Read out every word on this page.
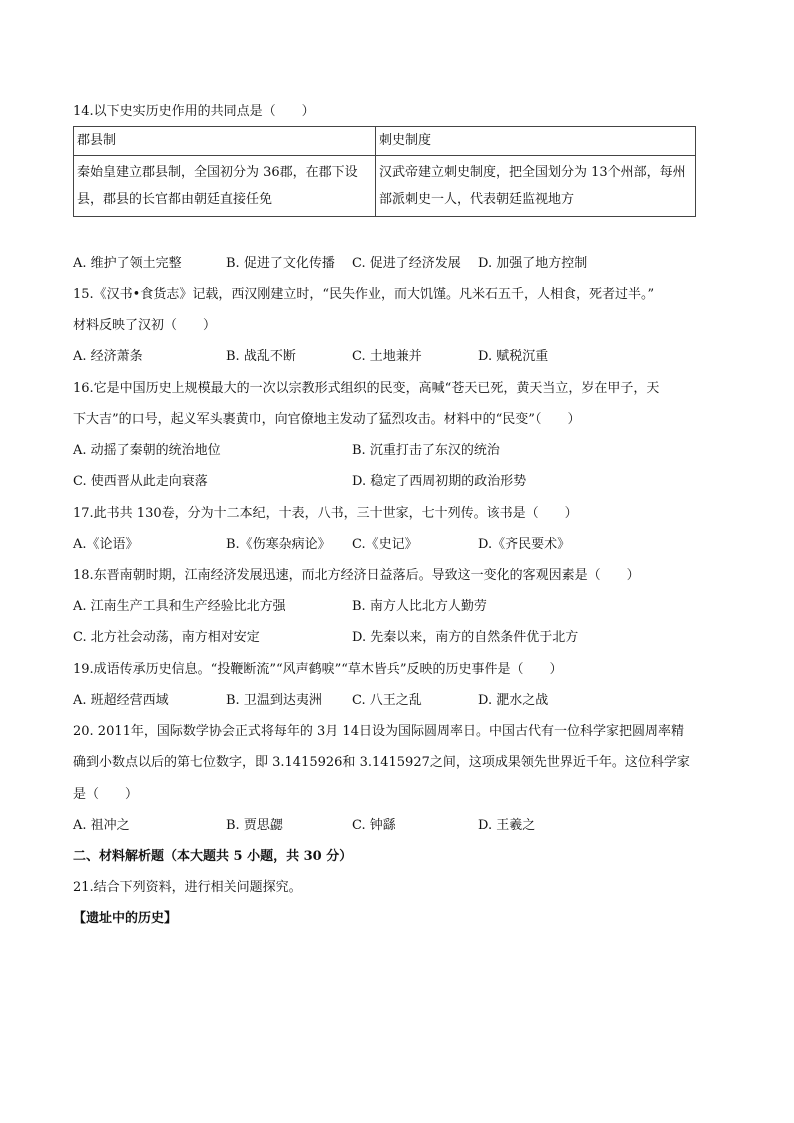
14.以下史实历史作用的共同点是（　　）
郡县制	刺史制度
秦始皇建立郡县制，全国初分为 36郡，在郡下设县，郡县的长官都由朝廷直接任免	汉武帝建立刺史制度，把全国划分为 13个州部，每州部派刺史一人，代表朝廷监视地方
A. 维护了领土完整	B. 促进了文化传播 C. 促进了经济发展 D. 加强了地方控制
15.《汉书•食货志》记载，西汉刚建立时，“民失作业，而大饥馑。凡米石五千，人相食，死者过半。”
材料反映了汉初（　　）
A. 经济萧条	B. 战乱不断	C. 土地兼并	D. 赋税沉重
16.它是中国历史上规模最大的一次以宗教形式组织的民变，高喊“苍天已死，黄天当立，岁在甲子，天
下大吉”的口号，起义军头裹黄巾，向官僚地主发动了猛烈攻击。材料中的“民变”（　　）
A. 动摇了秦朝的统治地位	B. 沉重打击了东汉的统治
C. 使西晋从此走向衰落	D. 稳定了西周初期的政治形势
17.此书共 130卷，分为十二本纪，十表，八书，三十世家，七十列传。该书是（　　）
A.《论语》	B.《伤寒杂病论》 C.《史记》	D.《齐民要术》
18.东晋南朝时期，江南经济发展迅速，而北方经济日益落后。导致这一变化的客观因素是（　　）
A. 江南生产工具和生产经验比北方强	B. 南方人比北方人勤劳
C. 北方社会动荡，南方相对安定	D. 先秦以来，南方的自然条件优于北方
19.成语传承历史信息。“投鞭断流”“风声鹤唳”“草木皆兵”反映的历史事件是（　　）
A. 班超经营西域	B. 卫温到达夷洲 C. 八王之乱	D. 淝水之战
20. 2011年，国际数学协会正式将每年的 3月 14日设为国际圆周率日。中国古代有一位科学家把圆周率精
确到小数点以后的第七位数字，即 3.1415926和 3.1415927之间，这项成果领先世界近千年。这位科学家
是（　　）
A. 祖冲之	B. 贾思勰	C. 钟繇	D. 王羲之
二、材料解析题（本大题共 5 小题，共 30 分）
21.结合下列资料，进行相关问题探究。
【遗址中的历史】
